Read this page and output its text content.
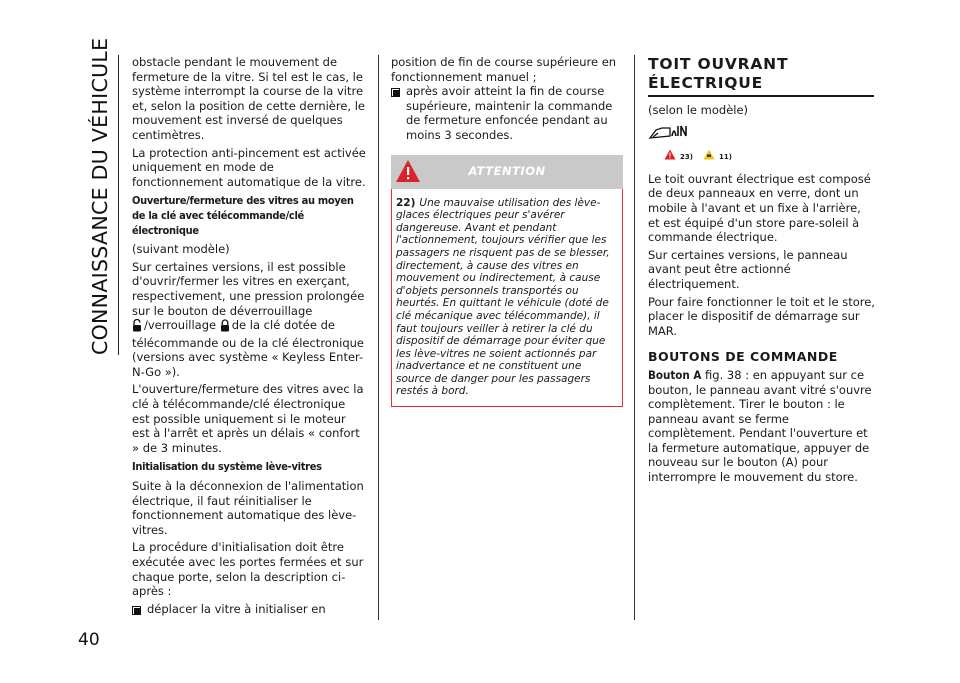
CONNAISSANCE DU VÉHICULE
40

obstacle pendant le mouvement de fermeture de la vitre. Si tel est le cas, le système interrompt la course de la vitre et, selon la position de cette dernière, le mouvement est inversé de quelques centimètres.

La protection anti-pincement est activée uniquement en mode de fonctionnement automatique de la vitre.

Ouverture/fermeture des vitres au moyen de la clé avec télécommande/clé électronique

(suivant modèle)

Sur certaines versions, il est possible d'ouvrir/fermer les vitres en exerçant, respectivement, une pression prolongée sur le bouton de déverrouillage

/verrouillage de la clé dotée de télécommande ou de la clé électronique (versions avec système « Keyless Enter-N-Go »).

L'ouverture/fermeture des vitres avec la clé à télécommande/clé électronique est possible uniquement si le moteur est à l'arrêt et après un délais « confort » de 3 minutes.

Initialisation du système lève-vitres

Suite à la déconnexion de l'alimentation électrique, il faut réinitialiser le fonctionnement automatique des lève-vitres.

La procédure d'initialisation doit être exécutée avec les portes fermées et sur chaque porte, selon la description ci-après :

déplacer la vitre à initialiser en

position de fin de course supérieure en fonctionnement manuel ;

après avoir atteint la fin de course supérieure, maintenir la commande de fermeture enfoncée pendant au moins 3 secondes.
ATTENTION
22) Une mauvaise utilisation des lève-glaces électriques peur s'avérer dangereuse. Avant et pendant l'actionnement, toujours vérifier que les passagers ne risquent pas de se blesser, directement, à cause des vitres en mouvement ou indirectement, à cause d'objets personnels transportés ou heurtés. En quittant le véhicule (doté de clé mécanique avec télécommande), il faut toujours veiller à retirer la clé du dispositif de démarrage pour éviter que les lève-vitres ne soient actionnés par inadvertance et ne constituent une source de danger pour les passagers restés à bord.
TOIT OUVRANT ÉLECTRIQUE

(selon le modèle)

23)	11)

Le toit ouvrant électrique est composé de deux panneaux en verre, dont un mobile à l'avant et un fixe à l'arrière, et est équipé d'un store pare-soleil à commande électrique.

Sur certaines versions, le panneau avant peut être actionné électriquement.

Pour faire fonctionner le toit et le store, placer le dispositif de démarrage sur MAR.

BOUTONS DE COMMANDE

Bouton A fig. 38 : en appuyant sur ce bouton, le panneau avant vitré s'ouvre complètement. Tirer le bouton : le panneau avant se ferme complètement. Pendant l'ouverture et la fermeture automatique, appuyer de nouveau sur le bouton (A) pour interrompre le mouvement du store.
